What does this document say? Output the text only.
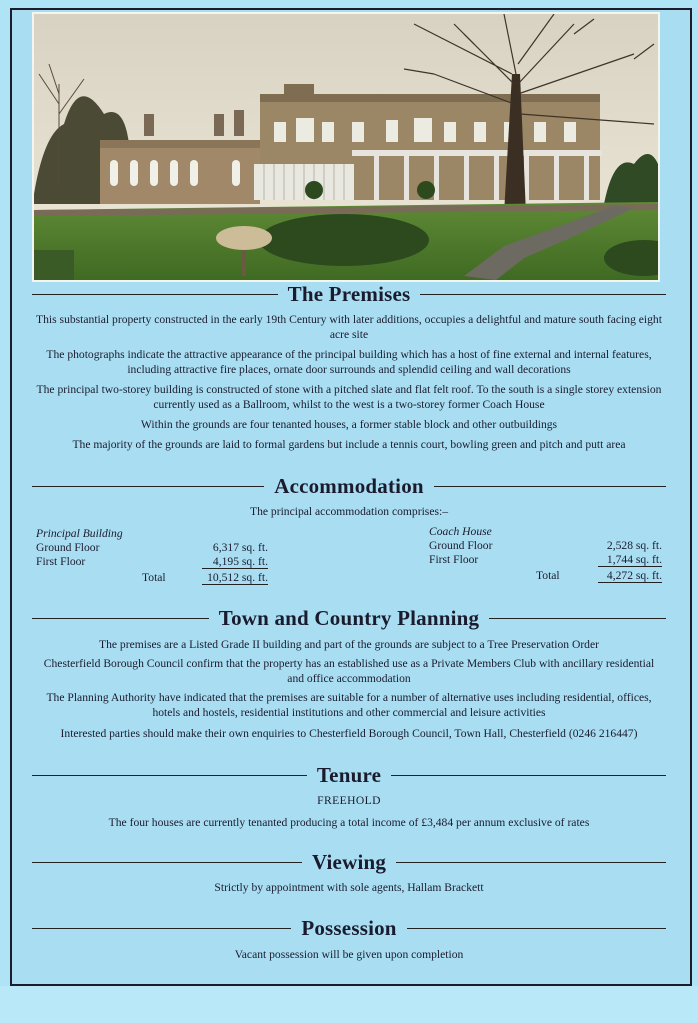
The Premises
This substantial property constructed in the early 19th Century with later additions, occupies a delightful and mature south facing eight acre site
The photographs indicate the attractive appearance of the principal building which has a host of fine external and internal features, including attractive fire places, ornate door surrounds and splendid ceiling and wall decorations
The principal two-storey building is constructed of stone with a pitched slate and flat felt roof. To the south is a single storey extension currently used as a Ballroom, whilst to the west is a two-storey former Coach House
Within the grounds are four tenanted houses, a former stable block and other outbuildings
The majority of the grounds are laid to formal gardens but include a tennis court, bowling green and pitch and putt area
Accommodation
The principal accommodation comprises:–
Principal Building
Ground Floor
First Floor
6,317 sq. ft.
4,195 sq. ft.
Total	10,512 sq. ft.
Coach House
Ground Floor
First Floor
2,528 sq. ft.
1,744 sq. ft.
Total	4,272 sq. ft.
Town and Country Planning
The premises are a Listed Grade II building and part of the grounds are subject to a Tree Preservation Order
Chesterfield Borough Council confirm that the property has an established use as a Private Members Club with ancillary residential and office accommodation
The Planning Authority have indicated that the premises are suitable for a number of alternative uses including residential, offices, hotels and hostels, residential institutions and other commercial and leisure activities
Interested parties should make their own enquiries to Chesterfield Borough Council, Town Hall, Chesterfield (0246 216447)
Tenure
FREEHOLD
The four houses are currently tenanted producing a total income of £3,484 per annum exclusive of rates
Viewing
Strictly by appointment with sole agents, Hallam Brackett
Possession
Vacant possession will be given upon completion
